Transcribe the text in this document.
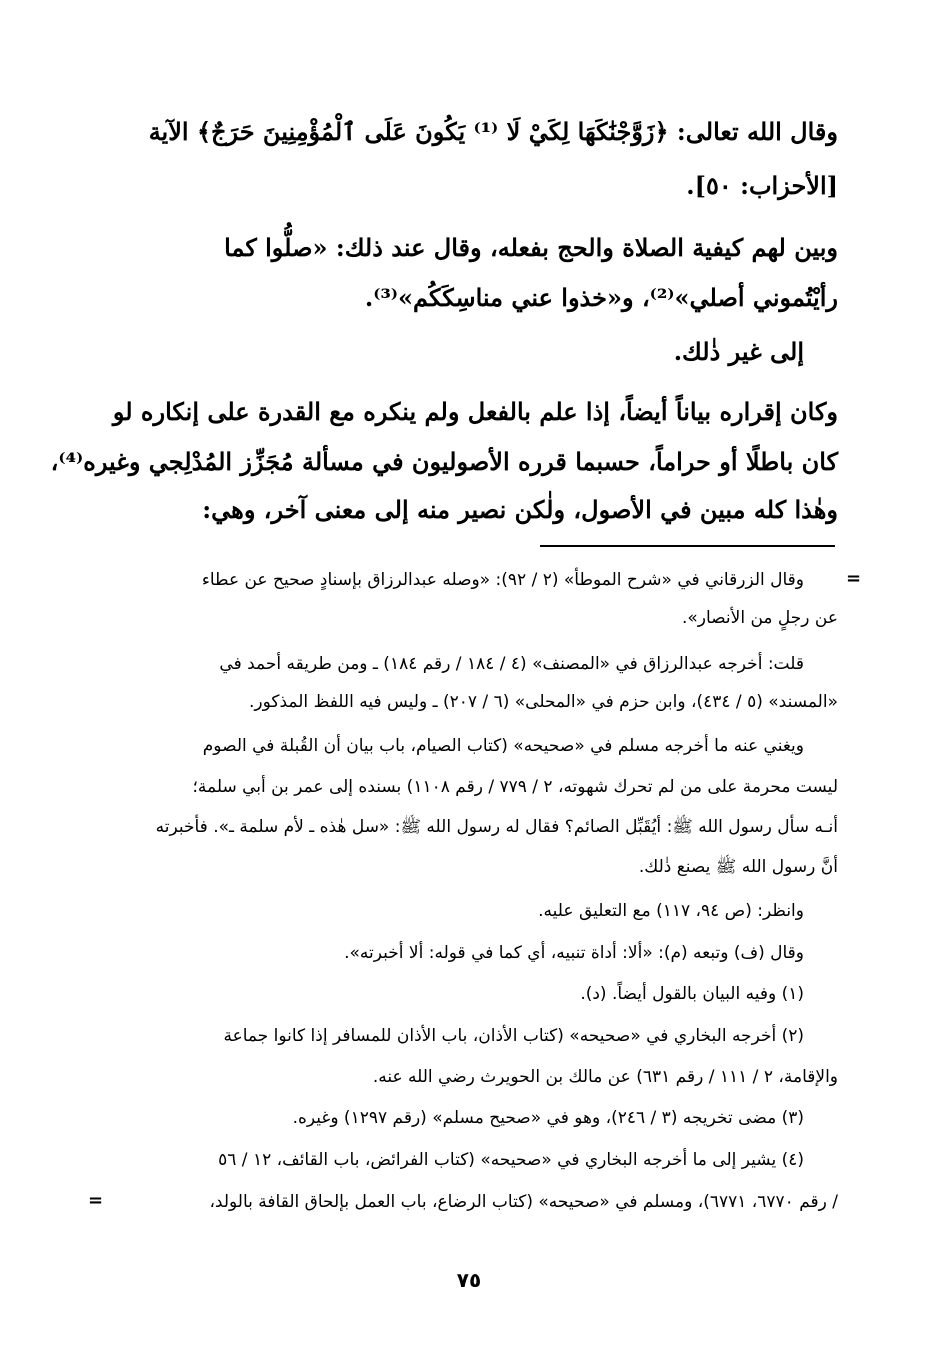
وقال الله تعالى: ﴿زَوَّجْنَٰكَهَا لِكَيْ لَا ⁽¹⁾ يَكُونَ عَلَى ٱلْمُؤْمِنِينَ حَرَجٌ﴾ الآية
[الأحزاب: ٥٠].
وبين لهم كيفية الصلاة والحج بفعله، وقال عند ذلك: «صلُّوا كما
رأيْتُموني أصلي»⁽²⁾، و«خذوا عني مناسِكَكُم»⁽³⁾.
إلى غير ذٰلك.
وكان إقراره بياناً أيضاً، إذا علم بالفعل ولم ينكره مع القدرة على إنكاره لو
كان باطلًا أو حراماً، حسبما قرره الأصوليون في مسألة مُجَزِّز المُدْلِجي وغيره⁽⁴⁾،
وهٰذا كله مبين في الأصول، ولٰكن نصير منه إلى معنى آخر، وهي:
=
=
وقال الزرقاني في «شرح الموطأ» (٢ / ٩٢): «وصله عبدالرزاق بإسنادٍ صحيح عن عطاء
عن رجلٍ من الأنصار».
قلت: أخرجه عبدالرزاق في «المصنف» (٤ / ١٨٤ / رقم ١٨٤) ـ ومن طريقه أحمد في
«المسند» (٥ / ٤٣٤)، وابن حزم في «المحلى» (٦ / ٢٠٧) ـ وليس فيه اللفظ المذكور.
ويغني عنه ما أخرجه مسلم في «صحيحه» (كتاب الصيام، باب بيان أن القُبلة في الصوم
ليست محرمة على من لم تحرك شهوته، ٢ / ٧٧٩ / رقم ١١٠٨) بسنده إلى عمر بن أبي سلمة؛
أنـه سأل رسول الله ﷺ: أيُقَبِّل الصائم؟ فقال له رسول الله ﷺ: «سل هٰذه ـ لأم سلمة ـ». فأخبرته
أنَّ رسول الله ﷺ يصنع ذٰلك.
وانظر: (ص ٩٤، ١١٧) مع التعليق عليه.
وقال (ف) وتبعه (م): «ألا: أداة تنبيه، أي كما في قوله: ألا أخبرته».
(١) وفيه البيان بالقول أيضاً. (د).
(٢) أخرجه البخاري في «صحيحه» (كتاب الأذان، باب الأذان للمسافر إذا كانوا جماعة
والإقامة، ٢ / ١١١ / رقم ٦٣١) عن مالك بن الحويرث رضي الله عنه.
(٣) مضى تخريجه (٣ / ٢٤٦)، وهو في «صحيح مسلم» (رقم ١٢٩٧) وغيره.
(٤) يشير إلى ما أخرجه البخاري في «صحيحه» (كتاب الفرائض، باب القائف، ١٢ / ٥٦
/ رقم ٦٧٧٠، ٦٧٧١)، ومسلم في «صحيحه» (كتاب الرضاع، باب العمل بإلحاق القافة بالولد،
٧٥
